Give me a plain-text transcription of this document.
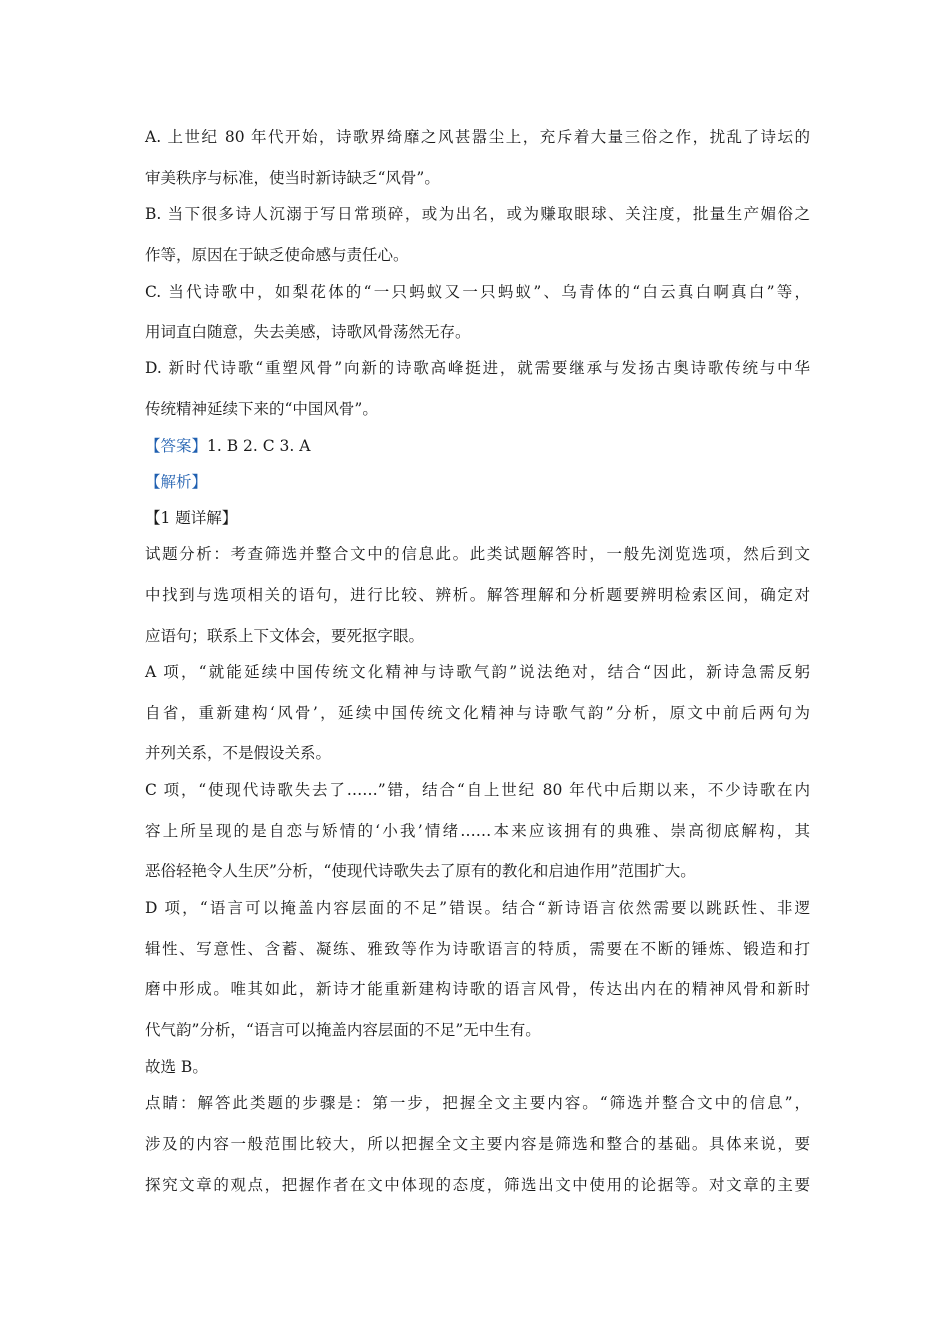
A. 上世纪 80 年代开始，诗歌界绮靡之风甚嚣尘上，充斥着大量三俗之作，扰乱了诗坛的
审美秩序与标准，使当时新诗缺乏“风骨”。
B. 当下很多诗人沉溺于写日常琐碎，或为出名，或为赚取眼球、关注度，批量生产媚俗之
作等，原因在于缺乏使命感与责任心。
C. 当代诗歌中，如梨花体的“一只蚂蚁又一只蚂蚁”、乌青体的“白云真白啊真白”等，
用词直白随意，失去美感，诗歌风骨荡然无存。
D. 新时代诗歌“重塑风骨”向新的诗歌高峰挺进，就需要继承与发扬古奥诗歌传统与中华
传统精神延续下来的“中国风骨”。
【答案】1. B 2. C 3. A
【解析】
【1 题详解】
试题分析：考查筛选并整合文中的信息此。此类试题解答时，一般先浏览选项，然后到文
中找到与选项相关的语句，进行比较、辨析。解答理解和分析题要辨明检索区间，确定对
应语句；联系上下文体会，要死抠字眼。
A 项，“就能延续中国传统文化精神与诗歌气韵”说法绝对，结合“因此，新诗急需反躬
自省，重新建构‘风骨’，延续中国传统文化精神与诗歌气韵”分析，原文中前后两句为
并列关系，不是假设关系。
C 项，“使现代诗歌失去了……”错，结合“自上世纪 80 年代中后期以来，不少诗歌在内
容上所呈现的是自恋与矫情的‘小我’情绪……本来应该拥有的典雅、崇高彻底解构，其
恶俗轻艳令人生厌”分析，“使现代诗歌失去了原有的教化和启迪作用”范围扩大。
D 项，“语言可以掩盖内容层面的不足”错误。结合“新诗语言依然需要以跳跃性、非逻
辑性、写意性、含蓄、凝练、雅致等作为诗歌语言的特质，需要在不断的锤炼、锻造和打
磨中形成。唯其如此，新诗才能重新建构诗歌的语言风骨，传达出内在的精神风骨和新时
代气韵”分析，“语言可以掩盖内容层面的不足”无中生有。
故选 B。
点睛：解答此类题的步骤是：第一步，把握全文主要内容。“筛选并整合文中的信息”，
涉及的内容一般范围比较大，所以把握全文主要内容是筛选和整合的基础。具体来说，要
探究文章的观点，把握作者在文中体现的态度，筛选出文中使用的论据等。对文章的主要
